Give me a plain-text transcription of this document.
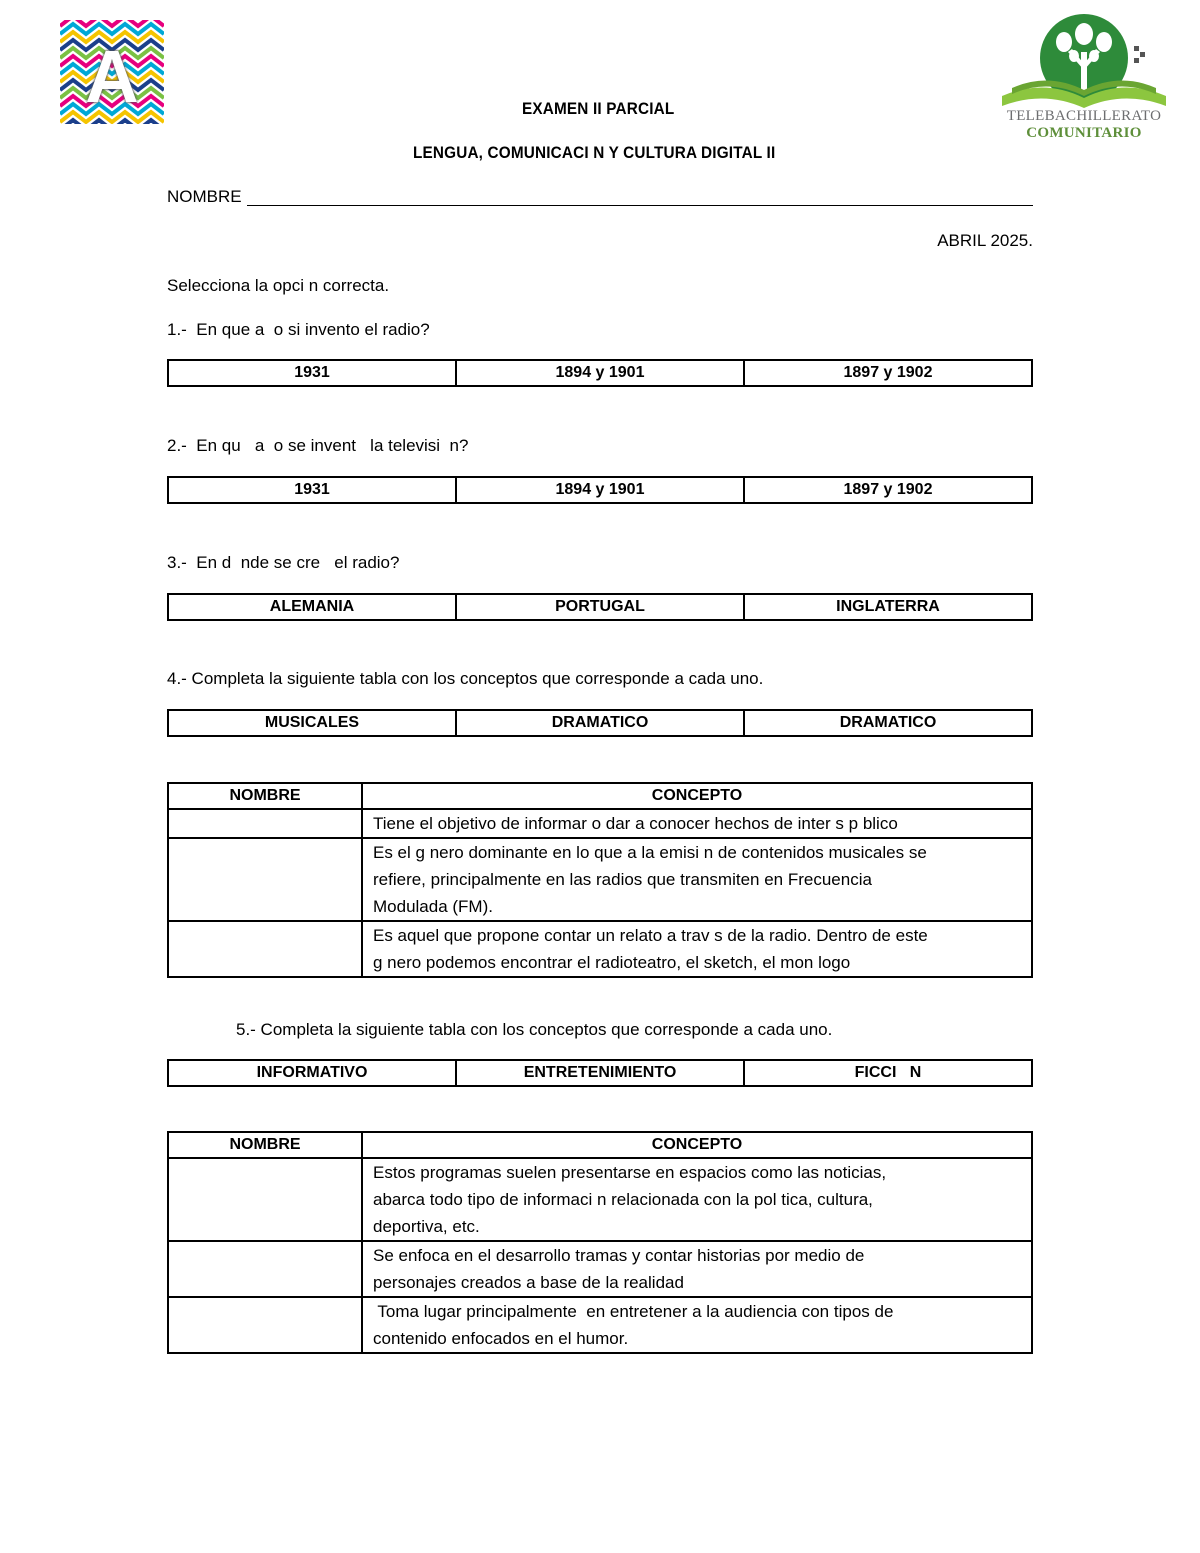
A	TELEBACHILLERATO
COMUNITARIO
EXAMEN II PARCIAL
LENGUA, COMUNICACI N Y CULTURA DIGITAL II
NOMBRE
ABRIL 2025.
Selecciona la opci n correcta.
1.-  En que a  o si invento el radio?
1931	1894 y 1901	1897 y 1902
2.-  En qu   a  o se invent   la televisi  n?
1931	1894 y 1901	1897 y 1902
3.-  En d  nde se cre   el radio?
ALEMANIA	PORTUGAL	INGLATERRA
4.- Completa la siguiente tabla con los conceptos que corresponde a cada uno.
MUSICALES	DRAMATICO	DRAMATICO
NOMBRE	CONCEPTO

	Tiene el objetivo de informar o dar a conocer hechos de inter s p blico

	Es el g nero dominante en lo que a la emisi n de contenidos musicales se
refiere, principalmente en las radios que transmiten en Frecuencia
Modulada (FM).

	Es aquel que propone contar un relato a trav s de la radio. Dentro de este
g nero podemos encontrar el radioteatro, el sketch, el mon logo
5.- Completa la siguiente tabla con los conceptos que corresponde a cada uno.
INFORMATIVO	ENTRETENIMIENTO	FICCI   N
NOMBRE	CONCEPTO

	Estos programas suelen presentarse en espacios como las noticias,
abarca todo tipo de informaci n relacionada con la pol tica, cultura,
deportiva, etc.

	Se enfoca en el desarrollo tramas y contar historias por medio de
personajes creados a base de la realidad

	Toma lugar principalmente  en entretener a la audiencia con tipos de
contenido enfocados en el humor.
